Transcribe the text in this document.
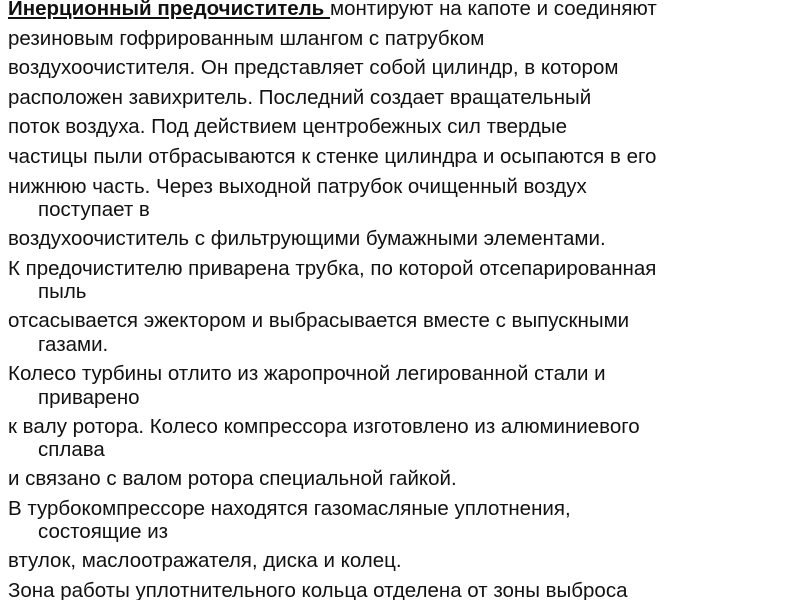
Инерционный предочиститель монтируют на капоте и соединяют
резиновым гофрированным шлангом с патрубком
воздухоочистителя. Он представляет собой цилиндр, в котором
расположен завихритель. Последний создает вращательный
поток воздуха. Под действием центробежных сил твердые
частицы пыли отбрасываются к стенке цилиндра и осыпаются в его
нижнюю часть. Через выходной патрубок очищенный воздух
поступает в
воздухоочиститель с фильтрующими бумажными элементами.
К предочистителю приварена трубка, по которой отсепарированная
пыль
отсасывается эжектором и выбрасывается вместе с выпускными
газами.
Колесо турбины отлито из жаропрочной легированной стали и
приварено
к валу ротора. Колесо компрессора изготовлено из алюминиевого
сплава
и связано с валом ротора специальной гайкой.
В турбокомпрессоре находятся газомасляные уплотнения,
состоящие из
втулок, маслоотражателя, диска и колец.
Зона работы уплотнительного кольца отделена от зоны выброса
